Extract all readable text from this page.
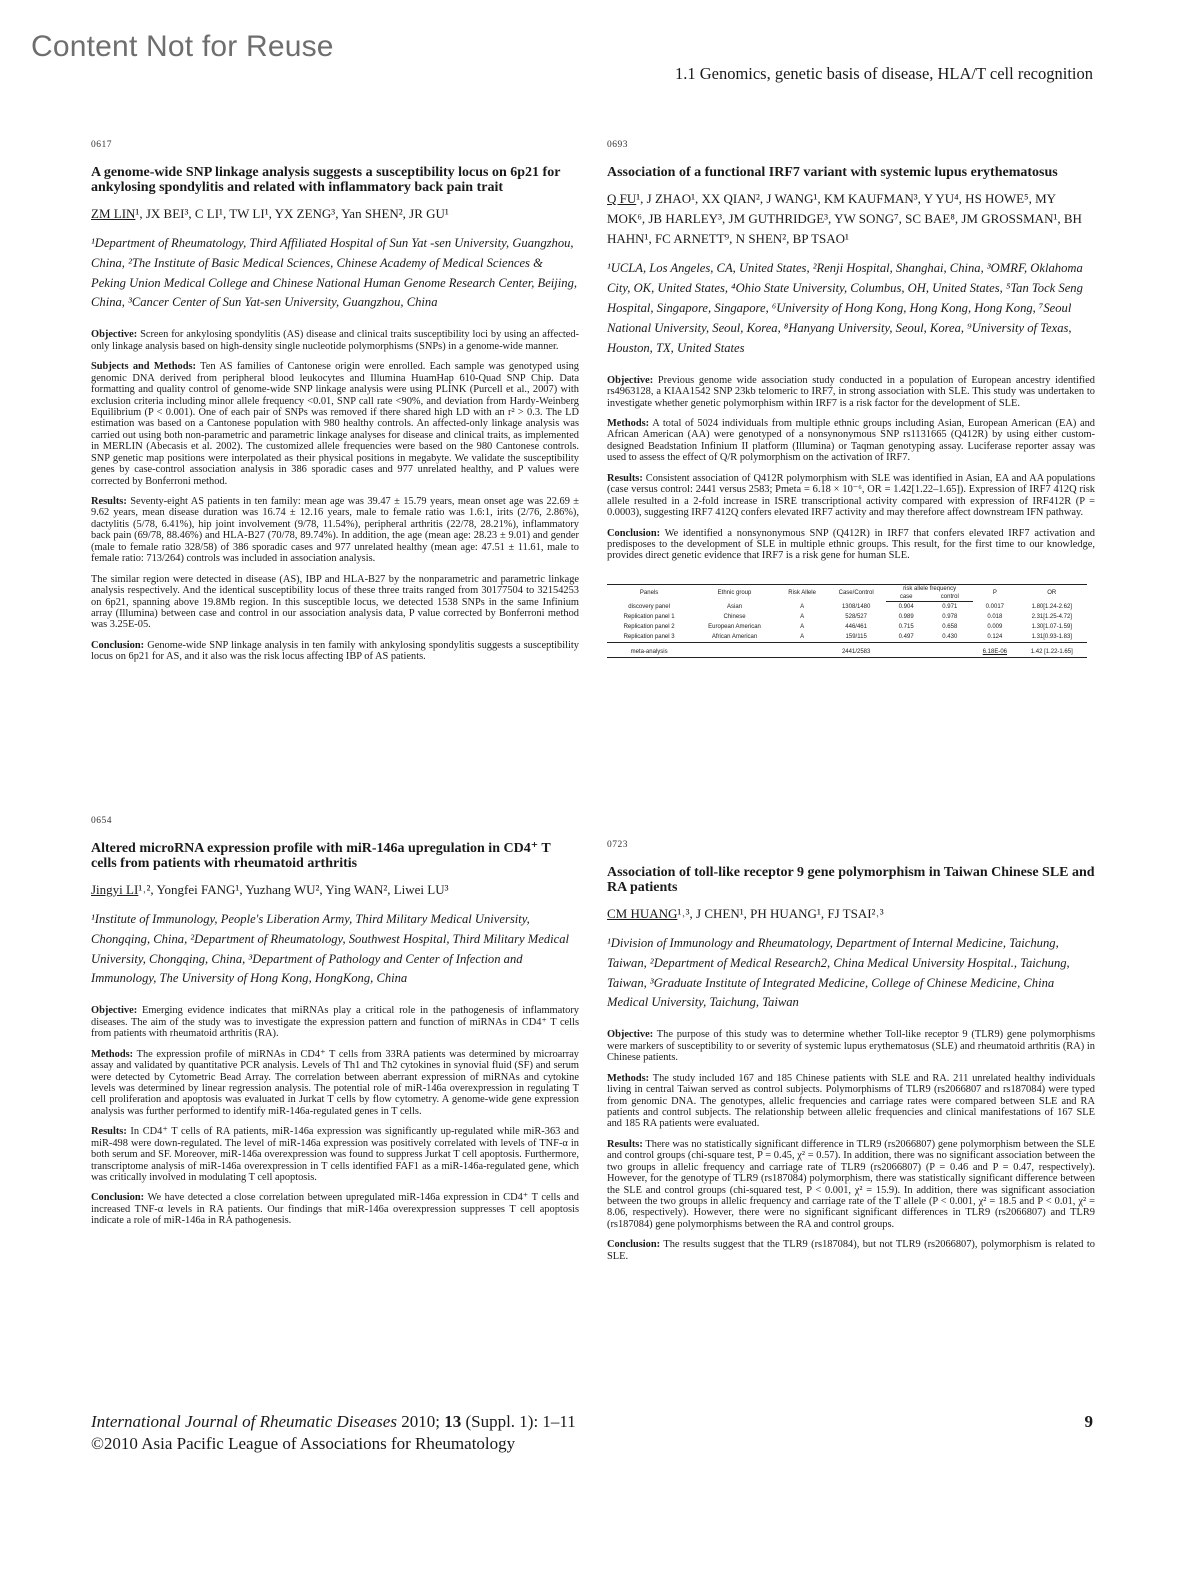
Content Not for Reuse
1.1 Genomics, genetic basis of disease, HLA/T cell recognition
0617
A genome-wide SNP linkage analysis suggests a susceptibility locus on 6p21 for ankylosing spondylitis and related with inflammatory back pain trait
ZM LIN¹, JX BEI³, C LI¹, TW LI¹, YX ZENG³, Yan SHEN², JR GU¹

¹Department of Rheumatology, Third Affiliated Hospital of Sun Yat -sen University, Guangzhou, China, ²The Institute of Basic Medical Sciences, Chinese Academy of Medical Sciences & Peking Union Medical College and Chinese National Human Genome Research Center, Beijing, China, ³Cancer Center of Sun Yat-sen University, Guangzhou, China

Objective: Screen for ankylosing spondylitis (AS) disease and clinical traits susceptibility loci by using an affected-only linkage analysis based on high-density single nucleotide polymorphisms (SNPs) in a genome-wide manner.

Subjects and Methods: Ten AS families of Cantonese origin were enrolled. Each sample was genotyped using genomic DNA derived from peripheral blood leukocytes and Illumina HuamHap 610-Quad SNP Chip. Data formatting and quality control of genome-wide SNP linkage analysis were using PLINK (Purcell et al., 2007) with exclusion criteria including minor allele frequency <0.01, SNP call rate <90%, and deviation from Hardy-Weinberg Equilibrium (P < 0.001). One of each pair of SNPs was removed if there shared high LD with an r² > 0.3. The LD estimation was based on a Cantonese population with 980 healthy controls. An affected-only linkage analysis was carried out using both non-parametric and parametric linkage analyses for disease and clinical traits, as implemented in MERLIN (Abecasis et al. 2002). The customized allele frequencies were based on the 980 Cantonese controls. SNP genetic map positions were interpolated as their physical positions in megabyte. We validate the susceptibility genes by case-control association analysis in 386 sporadic cases and 977 unrelated healthy, and P values were corrected by Bonferroni method.

Results: Seventy-eight AS patients in ten family: mean age was 39.47 ± 15.79 years, mean onset age was 22.69 ± 9.62 years, mean disease duration was 16.74 ± 12.16 years, male to female ratio was 1.6:1, irits (2/76, 2.86%), dactylitis (5/78, 6.41%), hip joint involvement (9/78, 11.54%), peripheral arthritis (22/78, 28.21%), inflammatory back pain (69/78, 88.46%) and HLA-B27 (70/78, 89.74%). In addition, the age (mean age: 28.23 ± 9.01) and gender (male to female ratio 328/58) of 386 sporadic cases and 977 unrelated healthy (mean age: 47.51 ± 11.61, male to female ratio: 713/264) controls was included in association analysis.

The similar region were detected in disease (AS), IBP and HLA-B27 by the nonparametric and parametric linkage analysis respectively. And the identical susceptibility locus of these three traits ranged from 30177504 to 32154253 on 6p21, spanning above 19.8Mb region. In this susceptible locus, we detected 1538 SNPs in the same Infinium array (Illumina) between case and control in our association analysis data, P value corrected by Bonferroni method was 3.25E-05.

Conclusion: Genome-wide SNP linkage analysis in ten family with ankylosing spondylitis suggests a susceptibility locus on 6p21 for AS, and it also was the risk locus affecting IBP of AS patients.

0654
Altered microRNA expression profile with miR-146a upregulation in CD4⁺ T cells from patients with rheumatoid arthritis
Jingyi LI¹˒², Yongfei FANG¹, Yuzhang WU², Ying WAN², Liwei LU³

¹Institute of Immunology, People's Liberation Army, Third Military Medical University, Chongqing, China, ²Department of Rheumatology, Southwest Hospital, Third Military Medical University, Chongqing, China, ³Department of Pathology and Center of Infection and Immunology, The University of Hong Kong, HongKong, China

Objective: Emerging evidence indicates that miRNAs play a critical role in the pathogenesis of inflammatory diseases. The aim of the study was to investigate the expression pattern and function of miRNAs in CD4⁺ T cells from patients with rheumatoid arthritis (RA).

Methods: The expression profile of miRNAs in CD4⁺ T cells from 33RA patients was determined by microarray assay and validated by quantitative PCR analysis. Levels of Th1 and Th2 cytokines in synovial fluid (SF) and serum were detected by Cytometric Bead Array. The correlation between aberrant expression of miRNAs and cytokine levels was determined by linear regression analysis. The potential role of miR-146a overexpression in regulating T cell proliferation and apoptosis was evaluated in Jurkat T cells by flow cytometry. A genome-wide gene expression analysis was further performed to identify miR-146a-regulated genes in T cells.

Results: In CD4⁺ T cells of RA patients, miR-146a expression was significantly up-regulated while miR-363 and miR-498 were down-regulated. The level of miR-146a expression was positively correlated with levels of TNF-α in both serum and SF. Moreover, miR-146a overexpression was found to suppress Jurkat T cell apoptosis. Furthermore, transcriptome analysis of miR-146a overexpression in T cells identified FAF1 as a miR-146a-regulated gene, which was critically involved in modulating T cell apoptosis.

Conclusion: We have detected a close correlation between upregulated miR-146a expression in CD4⁺ T cells and increased TNF-α levels in RA patients. Our findings that miR-146a overexpression suppresses T cell apoptosis indicate a role of miR-146a in RA pathogenesis.

0693
Association of a functional IRF7 variant with systemic lupus erythematosus
Q FU¹, J ZHAO¹, XX QIAN², J WANG¹, KM KAUFMAN³, Y YU⁴, HS HOWE⁵, MY MOK⁶, JB HARLEY³, JM GUTHRIDGE³, YW SONG⁷, SC BAE⁸, JM GROSSMAN¹, BH HAHN¹, FC ARNETT⁹, N SHEN², BP TSAO¹

¹UCLA, Los Angeles, CA, United States, ²Renji Hospital, Shanghai, China, ³OMRF, Oklahoma City, OK, United States, ⁴Ohio State University, Columbus, OH, United States, ⁵Tan Tock Seng Hospital, Singapore, Singapore, ⁶University of Hong Kong, Hong Kong, Hong Kong, ⁷Seoul National University, Seoul, Korea, ⁸Hanyang University, Seoul, Korea, ⁹University of Texas, Houston, TX, United States

Objective: Previous genome wide association study conducted in a population of European ancestry identified rs4963128, a KIAA1542 SNP 23kb telomeric to IRF7, in strong association with SLE. This study was undertaken to investigate whether genetic polymorphism within IRF7 is a risk factor for the development of SLE.

Methods: A total of 5024 individuals from multiple ethnic groups including Asian, European American (EA) and African American (AA) were genotyped of a nonsynonymous SNP rs1131665 (Q412R) by using either custom-designed Beadstation Infinium II platform (Illumina) or Taqman genotyping assay. Luciferase reporter assay was used to assess the effect of Q/R polymorphism on the activation of IRF7.

Results: Consistent association of Q412R polymorphism with SLE was identified in Asian, EA and AA populations (case versus control: 2441 versus 2583; Pmeta = 6.18 × 10⁻⁶, OR = 1.42[1.22–1.65]). Expression of IRF7 412Q risk allele resulted in a 2-fold increase in ISRE transcriptional activity compared with expression of IRF412R (P = 0.0003), suggesting IRF7 412Q confers elevated IRF7 activity and may therefore affect downstream IFN pathway.

Conclusion: We identified a nonsynonymous SNP (Q412R) in IRF7 that confers elevated IRF7 activation and predisposes to the development of SLE in multiple ethnic groups. This result, for the first time to our knowledge, provides direct genetic evidence that IRF7 is a risk gene for human SLE.

Panels	Ethnic group	Risk Allele	Case/Control	risk allele frequency		P	OR
				case	control		
discovery panel	Asian	A	1308/1480	0.904	0.971	0.0017	1.80[1.24-2.62]
Replication panel 1	Chinese	A	528/527	0.989	0.978	0.018	2.31[1.25-4.72]
Replication panel 2	European American	A	446/461	0.715	0.658	0.009	1.30[1.07-1.59]
Replication panel 3	African American	A	159/115	0.497	0.430	0.124	1.31[0.93-1.83]
meta-analysis			2441/2583			6.18E-06	1.42 [1.22-1.65]
0723
Association of toll-like receptor 9 gene polymorphism in Taiwan Chinese SLE and RA patients
CM HUANG¹˒³, J CHEN¹, PH HUANG¹, FJ TSAI²˒³

¹Division of Immunology and Rheumatology, Department of Internal Medicine, Taichung, Taiwan, ²Department of Medical Research2, China Medical University Hospital., Taichung, Taiwan, ³Graduate Institute of Integrated Medicine, College of Chinese Medicine, China Medical University, Taichung, Taiwan

Objective: The purpose of this study was to determine whether Toll-like receptor 9 (TLR9) gene polymorphisms were markers of susceptibility to or severity of systemic lupus erythematosus (SLE) and rheumatoid arthritis (RA) in Chinese patients.

Methods: The study included 167 and 185 Chinese patients with SLE and RA. 211 unrelated healthy individuals living in central Taiwan served as control subjects. Polymorphisms of TLR9 (rs2066807 and rs187084) were typed from genomic DNA. The genotypes, allelic frequencies and carriage rates were compared between SLE and RA patients and control subjects. The relationship between allelic frequencies and clinical manifestations of 167 SLE and 185 RA patients were evaluated.

Results: There was no statistically significant difference in TLR9 (rs2066807) gene polymorphism between the SLE and control groups (chi-square test, P = 0.45, χ² = 0.57). In addition, there was no significant association between the two groups in allelic frequency and carriage rate of TLR9 (rs2066807) (P = 0.46 and P = 0.47, respectively). However, for the genotype of TLR9 (rs187084) polymorphism, there was statistically significant difference between the SLE and control groups (chi-squared test, P < 0.001, χ² = 15.9). In addition, there was significant association between the two groups in allelic frequency and carriage rate of the T allele (P < 0.001, χ² = 18.5 and P < 0.01, χ² = 8.06, respectively). However, there were no significant significant differences in TLR9 (rs2066807) and TLR9 (rs187084) gene polymorphisms between the RA and control groups.

Conclusion: The results suggest that the TLR9 (rs187084), but not TLR9 (rs2066807), polymorphism is related to SLE.

International Journal of Rheumatic Diseases 2010; 13 (Suppl. 1): 1–11
©2010 Asia Pacific League of Associations for Rheumatology
9
